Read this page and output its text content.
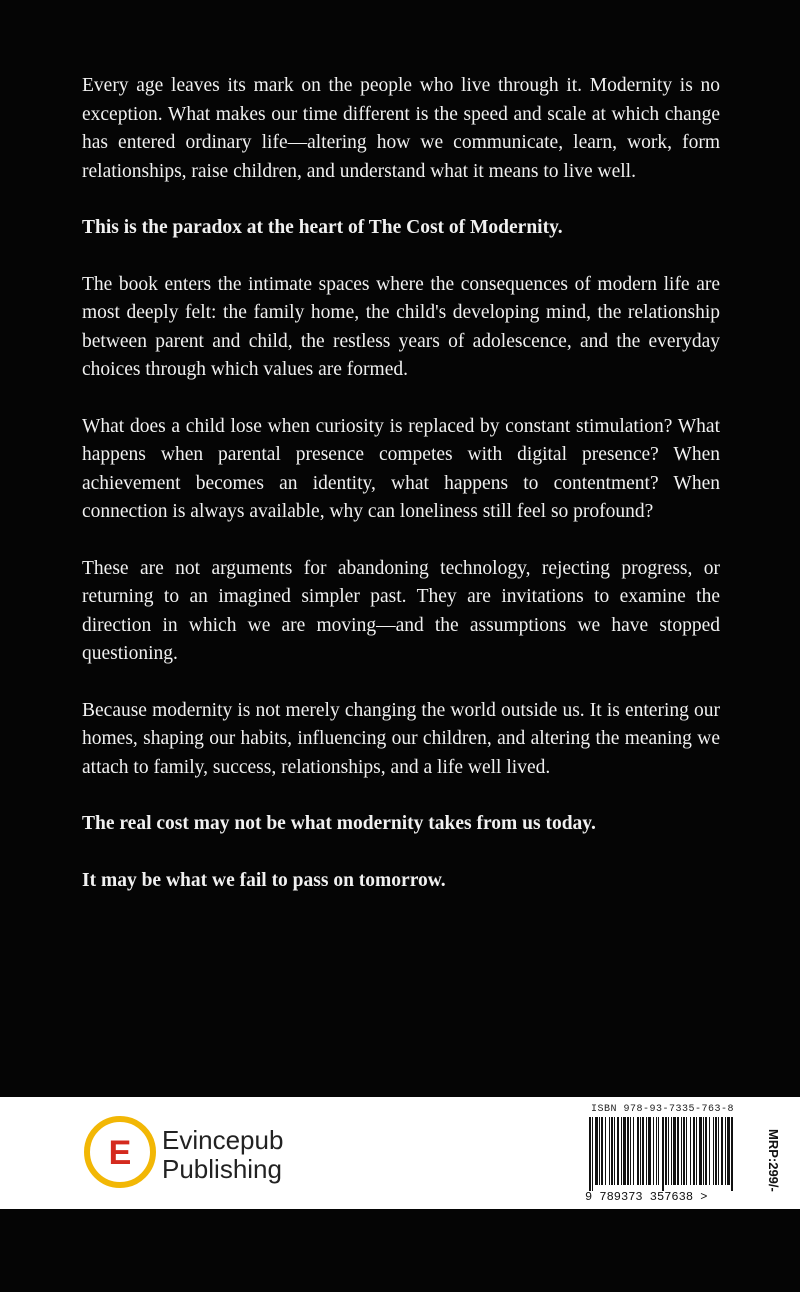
Every age leaves its mark on the people who live through it. Modernity is no exception. What makes our time different is the speed and scale at which change has entered ordinary life—altering how we communicate, learn, work, form relationships, raise children, and understand what it means to live well.

This is the paradox at the heart of The Cost of Modernity.

The book enters the intimate spaces where the consequences of modern life are most deeply felt: the family home, the child's developing mind, the relationship between parent and child, the restless years of adolescence, and the everyday choices through which values are formed.

What does a child lose when curiosity is replaced by constant stimulation? What happens when parental presence competes with digital presence? When achievement becomes an identity, what happens to contentment? When connection is always available, why can loneliness still feel so profound?

These are not arguments for abandoning technology, rejecting progress, or returning to an imagined simpler past. They are invitations to examine the direction in which we are moving—and the assumptions we have stopped questioning.

Because modernity is not merely changing the world outside us. It is entering our homes, shaping our habits, influencing our children, and altering the meaning we attach to family, success, relationships, and a life well lived.

The real cost may not be what modernity takes from us today.

It may be what we fail to pass on tomorrow.

E Evincepub
Publishing
ISBN 978-93-7335-763-8
9 789373 357638 >
MRP:299/-
